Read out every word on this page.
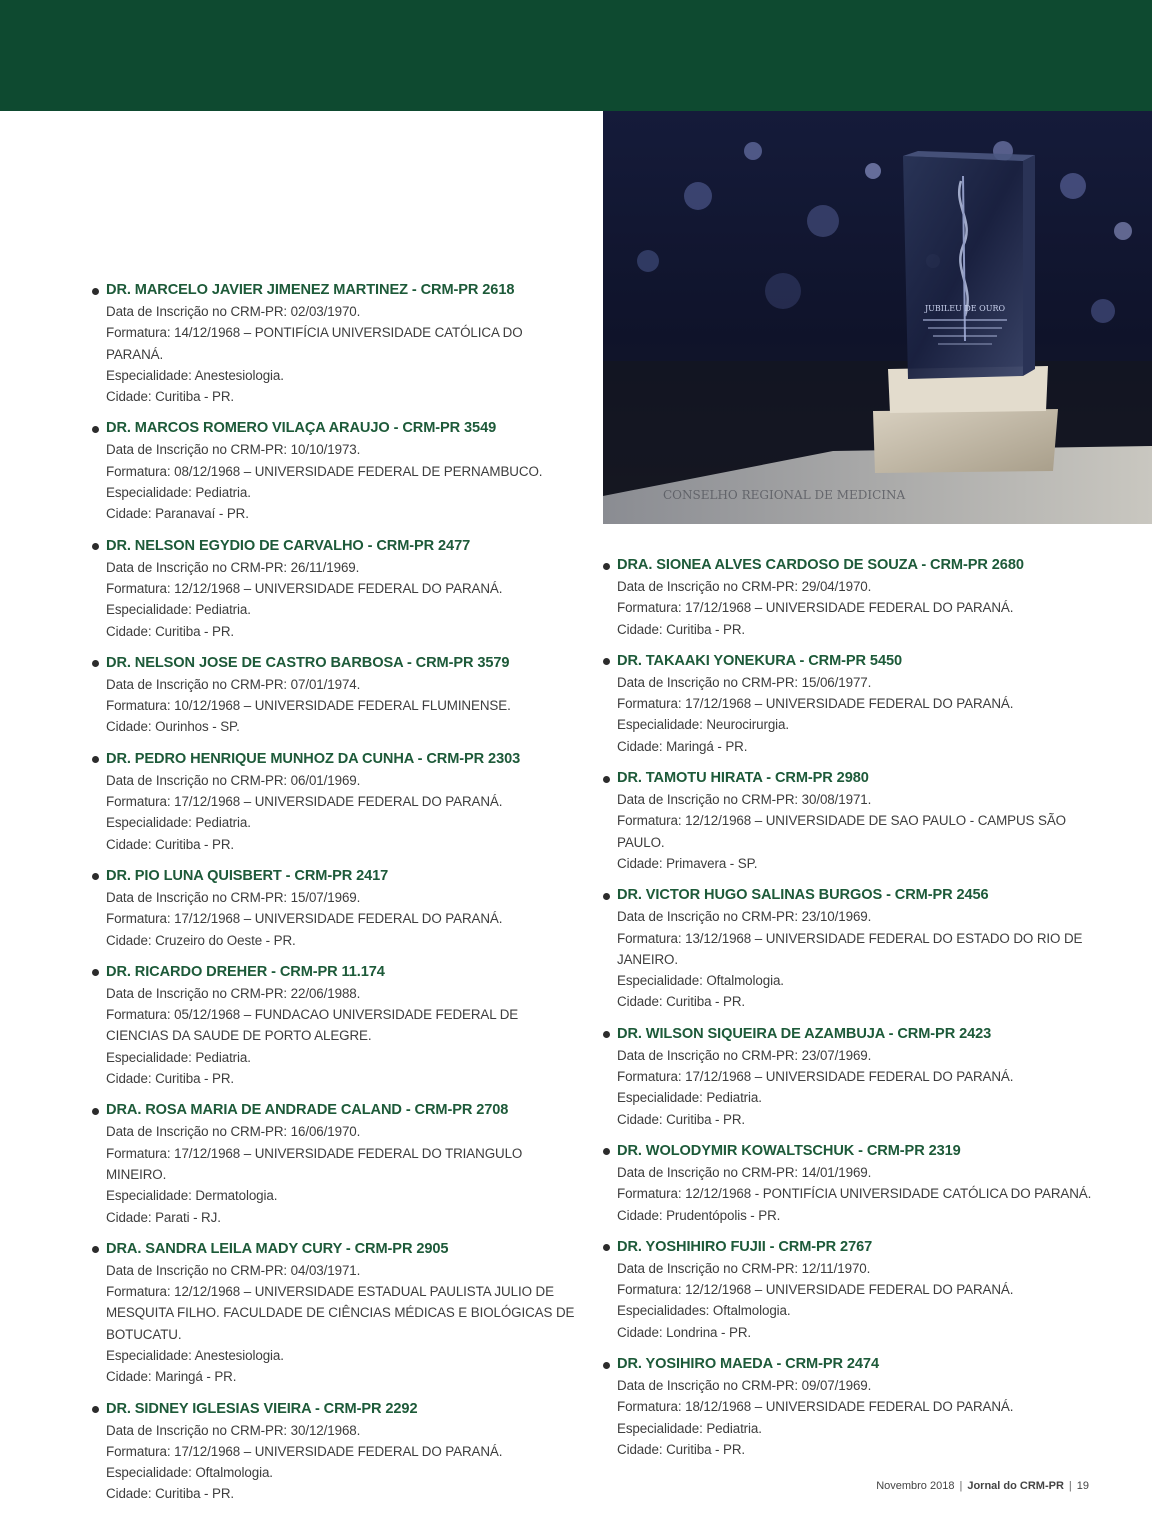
CONSELHO REGIONAL DE MEDICINA
JUBILEU DE OURO
DR. MARCELO JAVIER JIMENEZ MARTINEZ - CRM-PR 2618
Data de Inscrição no CRM-PR: 02/03/1970.
Formatura: 14/12/1968 – PONTIFÍCIA UNIVERSIDADE CATÓLICA DO PARANÁ.
Especialidade: Anestesiologia.
Cidade: Curitiba - PR.
DR. MARCOS ROMERO VILAÇA ARAUJO - CRM-PR 3549
Data de Inscrição no CRM-PR: 10/10/1973.
Formatura: 08/12/1968 – UNIVERSIDADE FEDERAL DE PERNAMBUCO.
Especialidade: Pediatria.
Cidade: Paranavaí - PR.
DR. NELSON EGYDIO DE CARVALHO - CRM-PR 2477
Data de Inscrição no CRM-PR: 26/11/1969.
Formatura: 12/12/1968 – UNIVERSIDADE FEDERAL DO PARANÁ.
Especialidade: Pediatria.
Cidade: Curitiba - PR.
DR. NELSON JOSE DE CASTRO BARBOSA - CRM-PR 3579
Data de Inscrição no CRM-PR: 07/01/1974.
Formatura: 10/12/1968 – UNIVERSIDADE FEDERAL FLUMINENSE.
Cidade: Ourinhos - SP.
DR. PEDRO HENRIQUE MUNHOZ DA CUNHA - CRM-PR 2303
Data de Inscrição no CRM-PR: 06/01/1969.
Formatura: 17/12/1968 – UNIVERSIDADE FEDERAL DO PARANÁ.
Especialidade: Pediatria.
Cidade: Curitiba - PR.
DR. PIO LUNA QUISBERT - CRM-PR 2417
Data de Inscrição no CRM-PR: 15/07/1969.
Formatura: 17/12/1968 – UNIVERSIDADE FEDERAL DO PARANÁ.
Cidade: Cruzeiro do Oeste - PR.
DR. RICARDO DREHER - CRM-PR 11.174
Data de Inscrição no CRM-PR: 22/06/1988.
Formatura: 05/12/1968 – FUNDACAO UNIVERSIDADE FEDERAL DE CIENCIAS DA SAUDE DE PORTO ALEGRE.
Especialidade: Pediatria.
Cidade: Curitiba - PR.
DRA. ROSA MARIA DE ANDRADE CALAND - CRM-PR 2708
Data de Inscrição no CRM-PR: 16/06/1970.
Formatura: 17/12/1968 – UNIVERSIDADE FEDERAL DO TRIANGULO MINEIRO.
Especialidade: Dermatologia.
Cidade: Parati - RJ.
DRA. SANDRA LEILA MADY CURY - CRM-PR 2905
Data de Inscrição no CRM-PR: 04/03/1971.
Formatura: 12/12/1968 – UNIVERSIDADE ESTADUAL PAULISTA JULIO DE MESQUITA FILHO. FACULDADE DE CIÊNCIAS MÉDICAS E BIOLÓGICAS DE BOTUCATU.
Especialidade: Anestesiologia.
Cidade: Maringá - PR.
DR. SIDNEY IGLESIAS VIEIRA - CRM-PR 2292
Data de Inscrição no CRM-PR: 30/12/1968.
Formatura: 17/12/1968 – UNIVERSIDADE FEDERAL DO PARANÁ.
Especialidade: Oftalmologia.
Cidade: Curitiba - PR.
DRA. SIONEA ALVES CARDOSO DE SOUZA - CRM-PR 2680
Data de Inscrição no CRM-PR: 29/04/1970.
Formatura: 17/12/1968 – UNIVERSIDADE FEDERAL DO PARANÁ.
Cidade: Curitiba - PR.
DR. TAKAAKI YONEKURA - CRM-PR 5450
Data de Inscrição no CRM-PR: 15/06/1977.
Formatura: 17/12/1968 – UNIVERSIDADE FEDERAL DO PARANÁ.
Especialidade: Neurocirurgia.
Cidade: Maringá - PR.
DR. TAMOTU HIRATA - CRM-PR 2980
Data de Inscrição no CRM-PR: 30/08/1971.
Formatura: 12/12/1968 – UNIVERSIDADE DE SAO PAULO - CAMPUS SÃO PAULO.
Cidade: Primavera - SP.
DR. VICTOR HUGO SALINAS BURGOS - CRM-PR 2456
Data de Inscrição no CRM-PR: 23/10/1969.
Formatura: 13/12/1968 – UNIVERSIDADE FEDERAL DO ESTADO DO RIO DE JANEIRO.
Especialidade: Oftalmologia.
Cidade: Curitiba - PR.
DR. WILSON SIQUEIRA DE AZAMBUJA - CRM-PR 2423
Data de Inscrição no CRM-PR: 23/07/1969.
Formatura: 17/12/1968 – UNIVERSIDADE FEDERAL DO PARANÁ.
Especialidade: Pediatria.
Cidade: Curitiba - PR.
DR. WOLODYMIR KOWALTSCHUK - CRM-PR 2319
Data de Inscrição no CRM-PR: 14/01/1969.
Formatura: 12/12/1968 - PONTIFÍCIA UNIVERSIDADE CATÓLICA DO PARANÁ.
Cidade: Prudentópolis - PR.
DR. YOSHIHIRO FUJII - CRM-PR 2767
Data de Inscrição no CRM-PR: 12/11/1970.
Formatura: 12/12/1968 – UNIVERSIDADE FEDERAL DO PARANÁ.
Especialidades: Oftalmologia.
Cidade: Londrina - PR.
DR. YOSIHIRO MAEDA - CRM-PR 2474
Data de Inscrição no CRM-PR: 09/07/1969.
Formatura: 18/12/1968 – UNIVERSIDADE FEDERAL DO PARANÁ.
Especialidade: Pediatria.
Cidade: Curitiba - PR.
Novembro 2018 | Jornal do CRM-PR | 19
